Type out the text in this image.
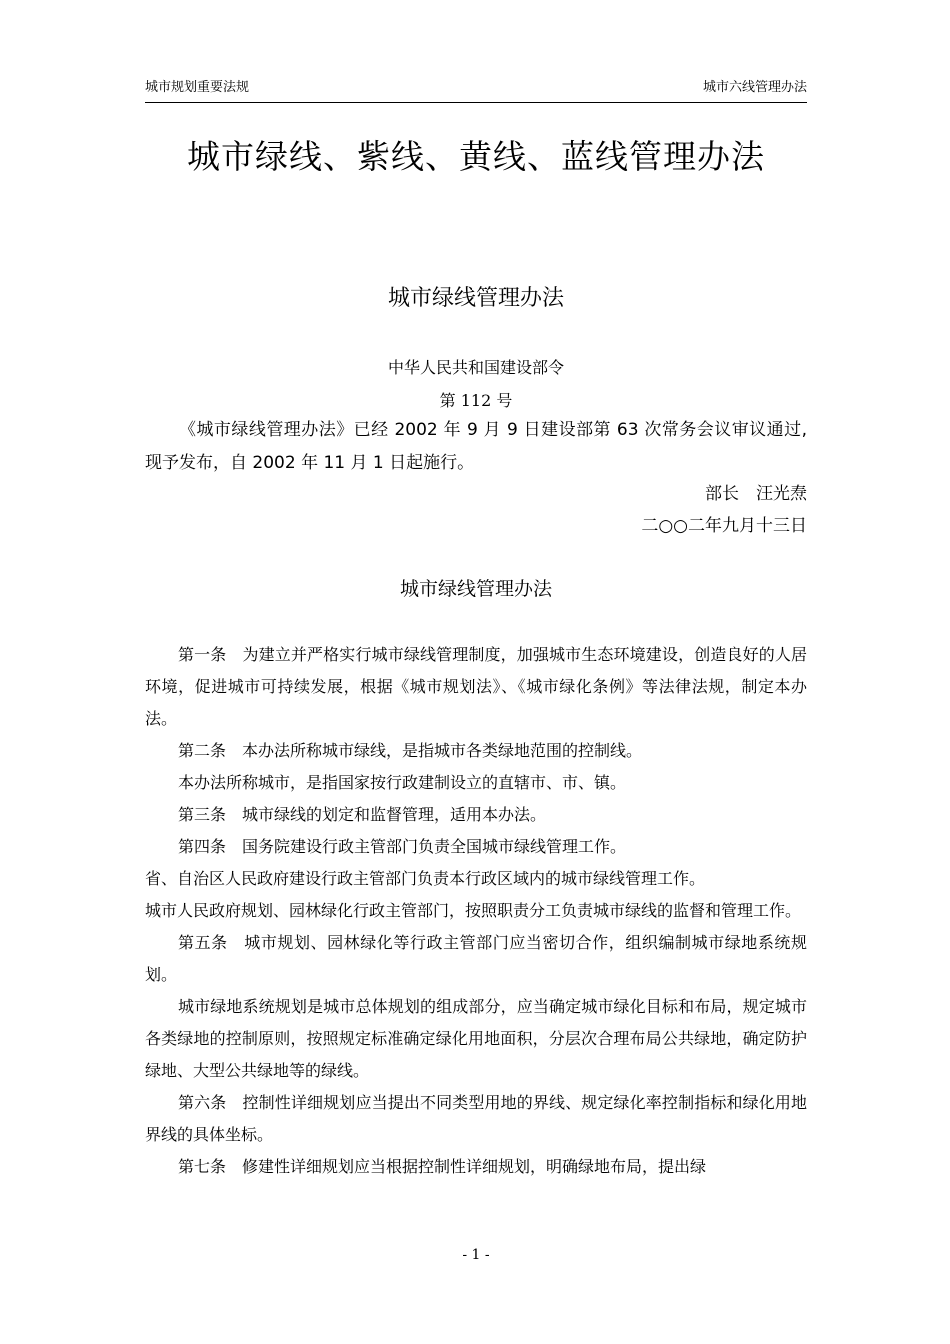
城市规划重要法规	城市六线管理办法
城市绿线、紫线、黄线、蓝线管理办法
城市绿线管理办法
中华人民共和国建设部令
第 112 号

《城市绿线管理办法》已经 2002 年 9 月 9 日建设部第 63 次常务会议审议通过,现予发布，自 2002 年 11 月 1 日起施行。

部长　汪光焘
二○○二年九月十三日
城市绿线管理办法

第一条　为建立并严格实行城市绿线管理制度，加强城市生态环境建设，创造良好的人居环境，促进城市可持续发展，根据《城市规划法》、《城市绿化条例》等法律法规，制定本办法。

第二条　本办法所称城市绿线，是指城市各类绿地范围的控制线。

本办法所称城市，是指国家按行政建制设立的直辖市、市、镇。

第三条　城市绿线的划定和监督管理，适用本办法。

第四条　国务院建设行政主管部门负责全国城市绿线管理工作。

省、自治区人民政府建设行政主管部门负责本行政区域内的城市绿线管理工作。

城市人民政府规划、园林绿化行政主管部门，按照职责分工负责城市绿线的监督和管理工作。

第五条　城市规划、园林绿化等行政主管部门应当密切合作，组织编制城市绿地系统规划。

城市绿地系统规划是城市总体规划的组成部分，应当确定城市绿化目标和布局，规定城市各类绿地的控制原则，按照规定标准确定绿化用地面积，分层次合理布局公共绿地，确定防护绿地、大型公共绿地等的绿线。

第六条　控制性详细规划应当提出不同类型用地的界线、规定绿化率控制指标和绿化用地界线的具体坐标。

第七条　修建性详细规划应当根据控制性详细规划，明确绿地布局，提出绿

- 1 -
